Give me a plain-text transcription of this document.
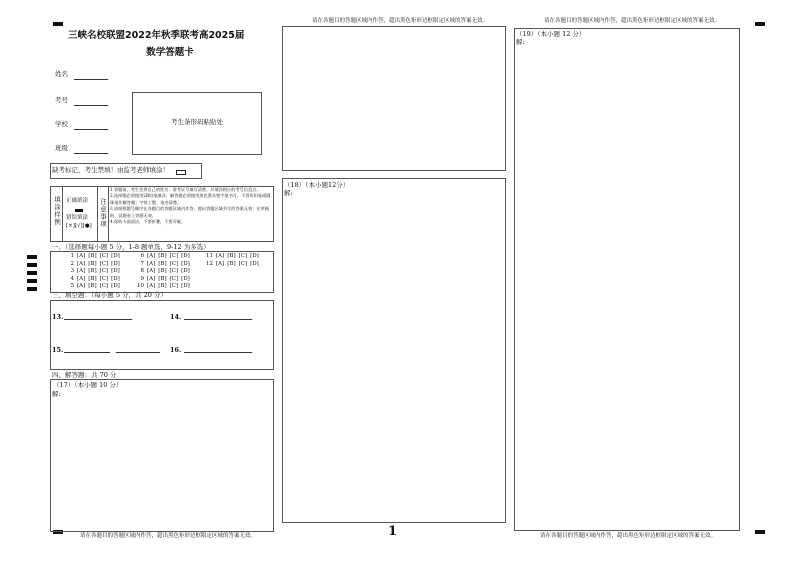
请在各题目的答题区域内作答，超出黑色矩形边框限定区域的答案无效。	请在各题目的答题区域内作答，超出黑色矩形边框限定区域的答案无效。
三峡名校联盟2022年秋季联考高2025届
数学答题卡
姓名
考号
学校
班级
考生条形码粘贴处
缺考标记，考生禁填！由监考老师填涂！
填涂样例 正确填涂
错误填涂
[×][√][●] 注意事项
1.答题前，考生先将自己的姓名、准考证号填写清楚，并填涂相应的考号信息点。
2.选择题必须使用2B铅笔填涂；解答题必须使用黑色墨水签字笔书写，不得用铅笔或圆珠笔作解答题；字体工整、笔迹清楚。
3.请按照题号顺序在各题目的答题区域内作答，超出答题区域书写的答案无效；在草稿纸、试题卷上答题无效。
4.保持卡面清洁，不要折叠，不要弄破。
一、（选择题每小题 5 分，1-8 题单选，9-12 为多选）
1 [A] [B] [C] [D]
2 [A] [B] [C] [D]
3 [A] [B] [C] [D]
4 [A] [B] [C] [D]
5 [A] [B] [C] [D]
6 [A] [B] [C] [D]
7 [A] [B] [C] [D]
8 [A] [B] [C] [D]
9 [A] [B] [C] [D]
10 [A] [B] [C] [D]
11 [A] [B] [C] [D]
12 [A] [B] [C] [D]
三、填空题：（每小题 5 分，共 20 分）
13.	14.
15.	16.
四、解答题：共 70 分
（17）（本小题 10 分）
解:
请在各题目的答题区域内作答，超出黑色矩形边框限定区域的答案无效。
（18）（本小题12分）
解:
1
（19）（本小题 12 分）
解:
请在各题目的答题区域内作答，超出黑色矩形边框限定区域的答案无效。
